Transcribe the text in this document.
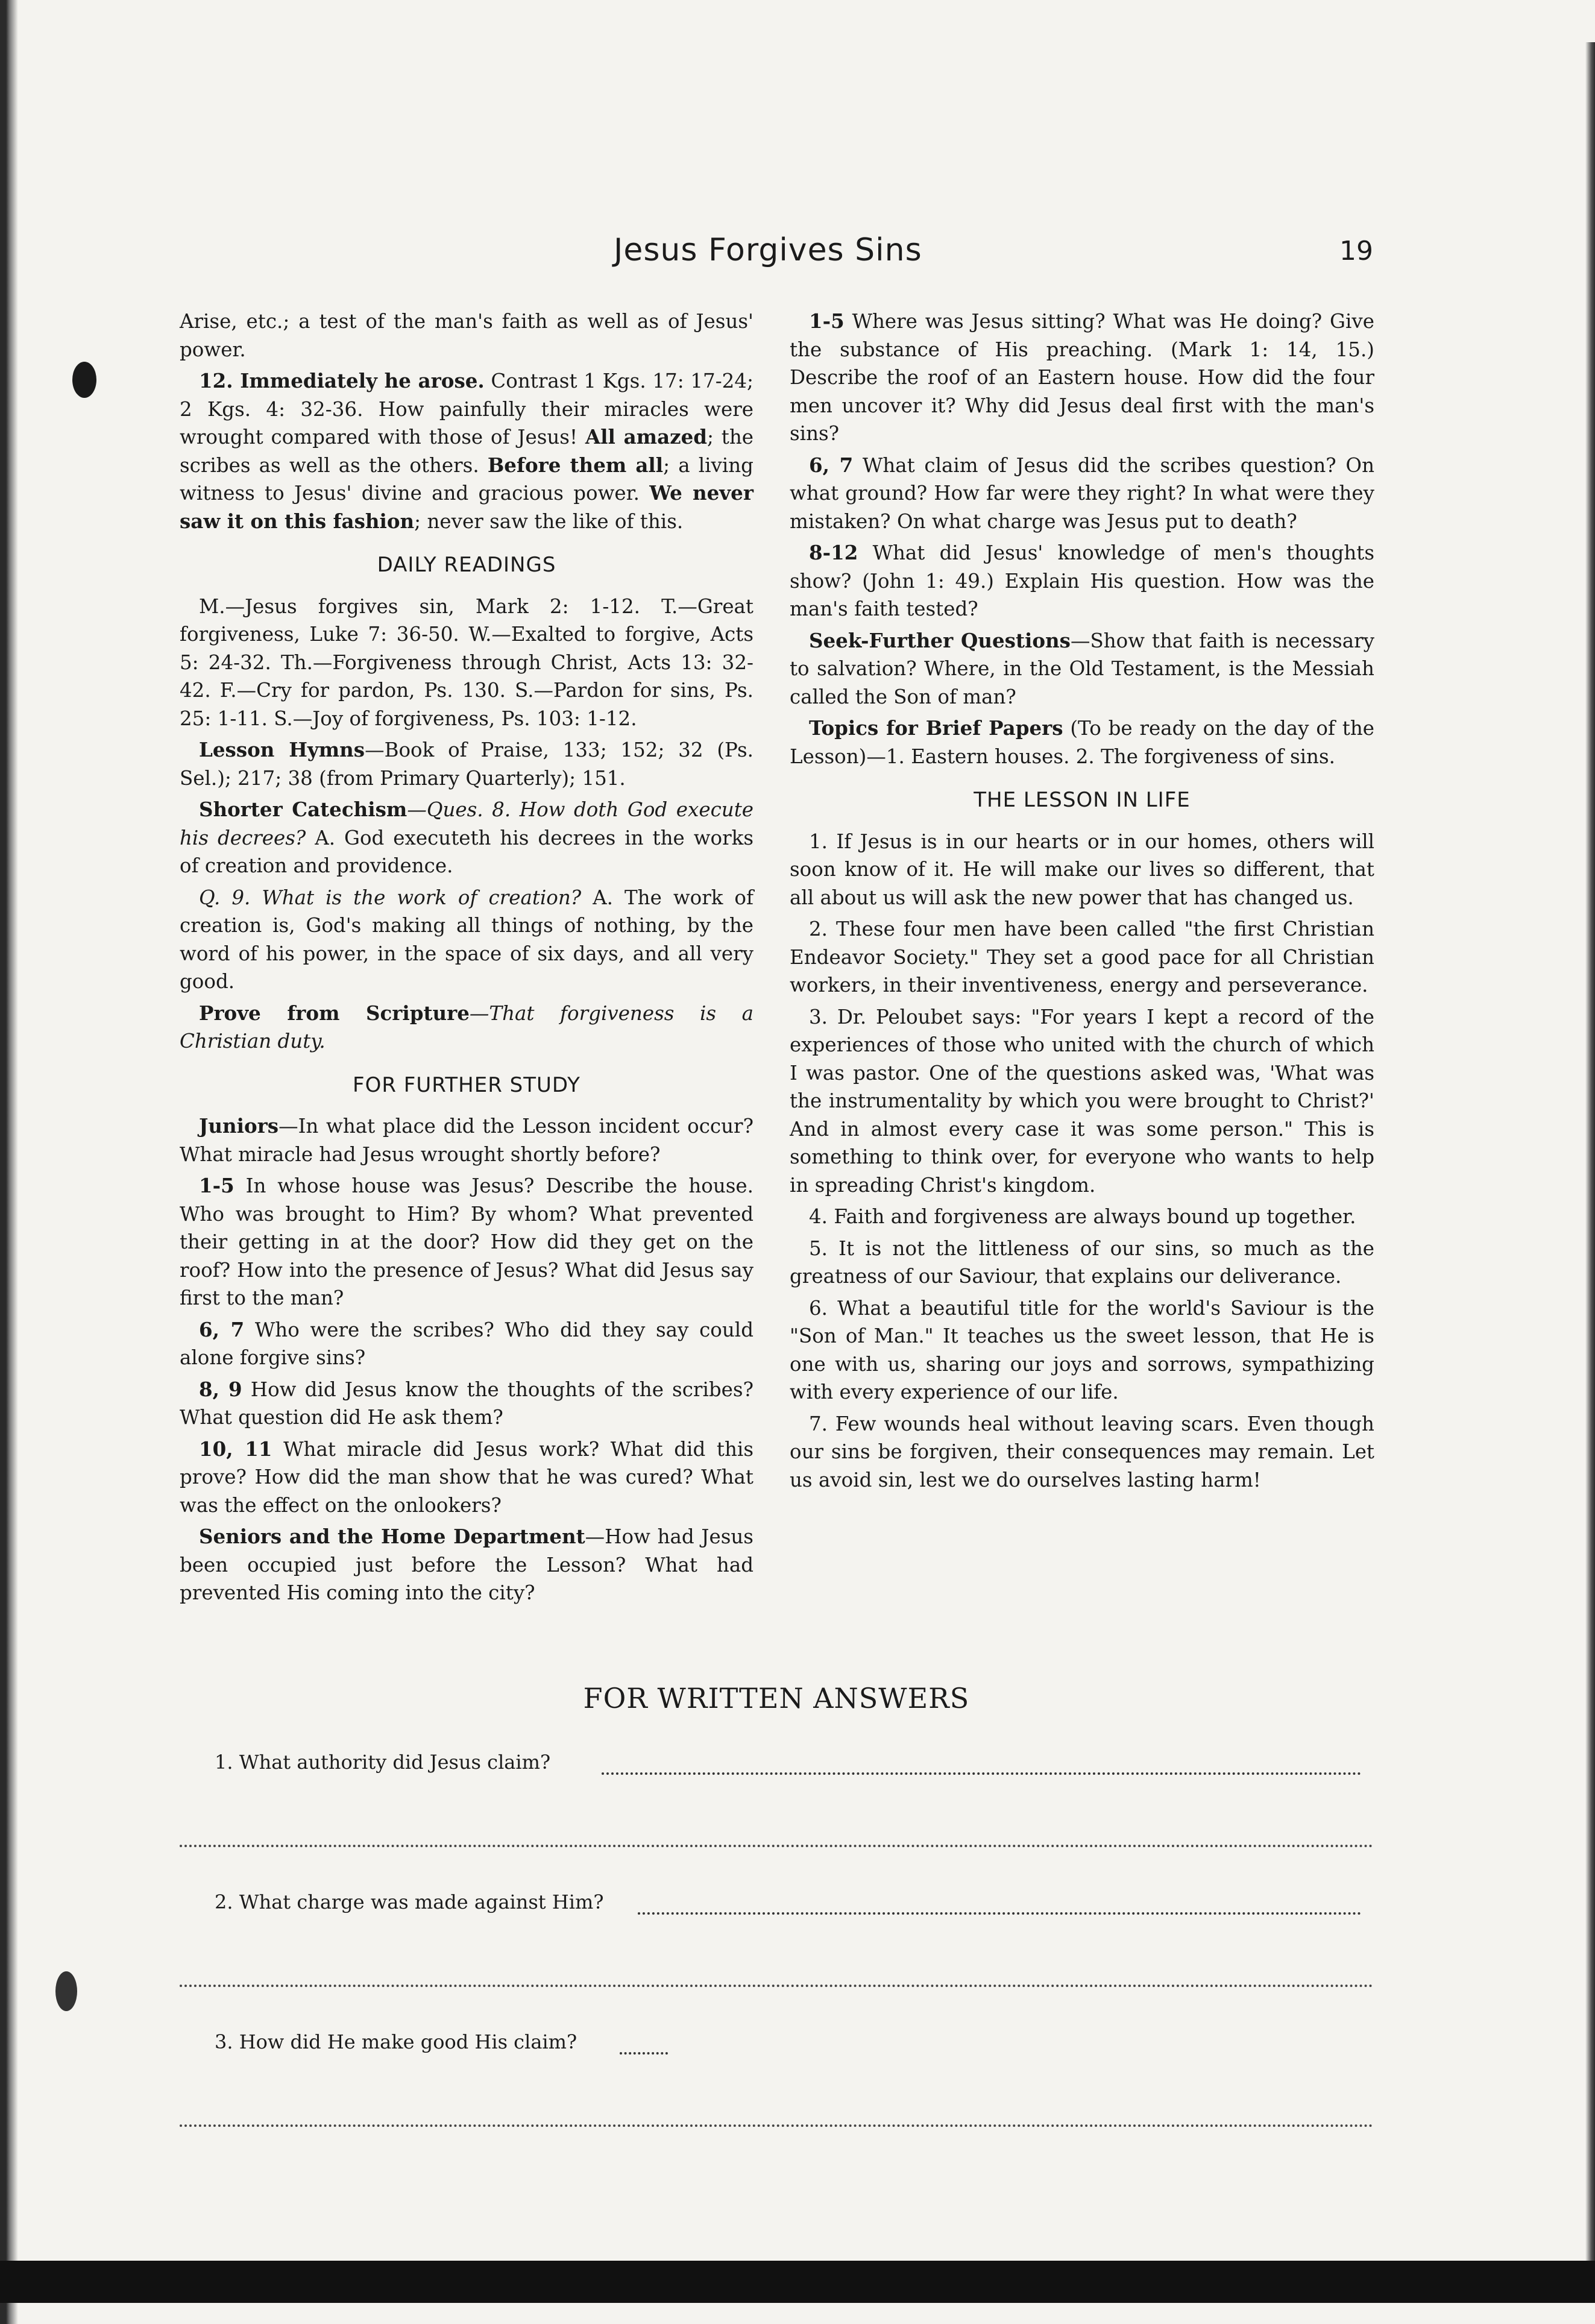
Jesus Forgives Sins	19

Arise, etc.; a test of the man's faith as well as of Jesus' power.

12. Immediately he arose. Contrast 1 Kgs. 17: 17-24; 2 Kgs. 4: 32-36. How painfully their miracles were wrought compared with those of Jesus! All amazed; the scribes as well as the others. Before them all; a living witness to Jesus' divine and gracious power. We never saw it on this fashion; never saw the like of this.

DAILY READINGS

M.—Jesus forgives sin, Mark 2: 1-12. T.—Great forgiveness, Luke 7: 36-50. W.—Exalted to forgive, Acts 5: 24-32. Th.—Forgiveness through Christ, Acts 13: 32-42. F.—Cry for pardon, Ps. 130. S.—Pardon for sins, Ps. 25: 1-11. S.—Joy of forgiveness, Ps. 103: 1-12.

Lesson Hymns—Book of Praise, 133; 152; 32 (Ps. Sel.); 217; 38 (from Primary Quarterly); 151.

Shorter Catechism—Ques. 8. How doth God execute his decrees? A. God executeth his decrees in the works of creation and providence.

Q. 9. What is the work of creation? A. The work of creation is, God's making all things of nothing, by the word of his power, in the space of six days, and all very good.

Prove from Scripture—That forgiveness is a Christian duty.

FOR FURTHER STUDY

Juniors—In what place did the Lesson incident occur? What miracle had Jesus wrought shortly before?

1-5 In whose house was Jesus? Describe the house. Who was brought to Him? By whom? What prevented their getting in at the door? How did they get on the roof? How into the presence of Jesus? What did Jesus say first to the man?

6, 7 Who were the scribes? Who did they say could alone forgive sins?

8, 9 How did Jesus know the thoughts of the scribes? What question did He ask them?

10, 11 What miracle did Jesus work? What did this prove? How did the man show that he was cured? What was the effect on the onlookers?

Seniors and the Home Department—How had Jesus been occupied just before the Lesson? What had prevented His coming into the city?

1-5 Where was Jesus sitting? What was He doing? Give the substance of His preaching. (Mark 1: 14, 15.) Describe the roof of an Eastern house. How did the four men uncover it? Why did Jesus deal first with the man's sins?

6, 7 What claim of Jesus did the scribes question? On what ground? How far were they right? In what were they mistaken? On what charge was Jesus put to death?

8-12 What did Jesus' knowledge of men's thoughts show? (John 1: 49.) Explain His question. How was the man's faith tested?

Seek-Further Questions—Show that faith is necessary to salvation? Where, in the Old Testament, is the Messiah called the Son of man?

Topics for Brief Papers (To be ready on the day of the Lesson)—1. Eastern houses. 2. The forgiveness of sins.

THE LESSON IN LIFE

1. If Jesus is in our hearts or in our homes, others will soon know of it. He will make our lives so different, that all about us will ask the new power that has changed us.

2. These four men have been called "the first Christian Endeavor Society." They set a good pace for all Christian workers, in their inventiveness, energy and perseverance.

3. Dr. Peloubet says: "For years I kept a record of the experiences of those who united with the church of which I was pastor. One of the questions asked was, 'What was the instrumentality by which you were brought to Christ?' And in almost every case it was some person." This is something to think over, for everyone who wants to help in spreading Christ's kingdom.

4. Faith and forgiveness are always bound up together.

5. It is not the littleness of our sins, so much as the greatness of our Saviour, that explains our deliverance.

6. What a beautiful title for the world's Saviour is the "Son of Man." It teaches us the sweet lesson, that He is one with us, sharing our joys and sorrows, sympathizing with every experience of our life.

7. Few wounds heal without leaving scars. Even though our sins be forgiven, their consequences may remain. Let us avoid sin, lest we do ourselves lasting harm!

FOR WRITTEN ANSWERS
1. What authority did Jesus claim?
2. What charge was made against Him?
3. How did He make good His claim?
